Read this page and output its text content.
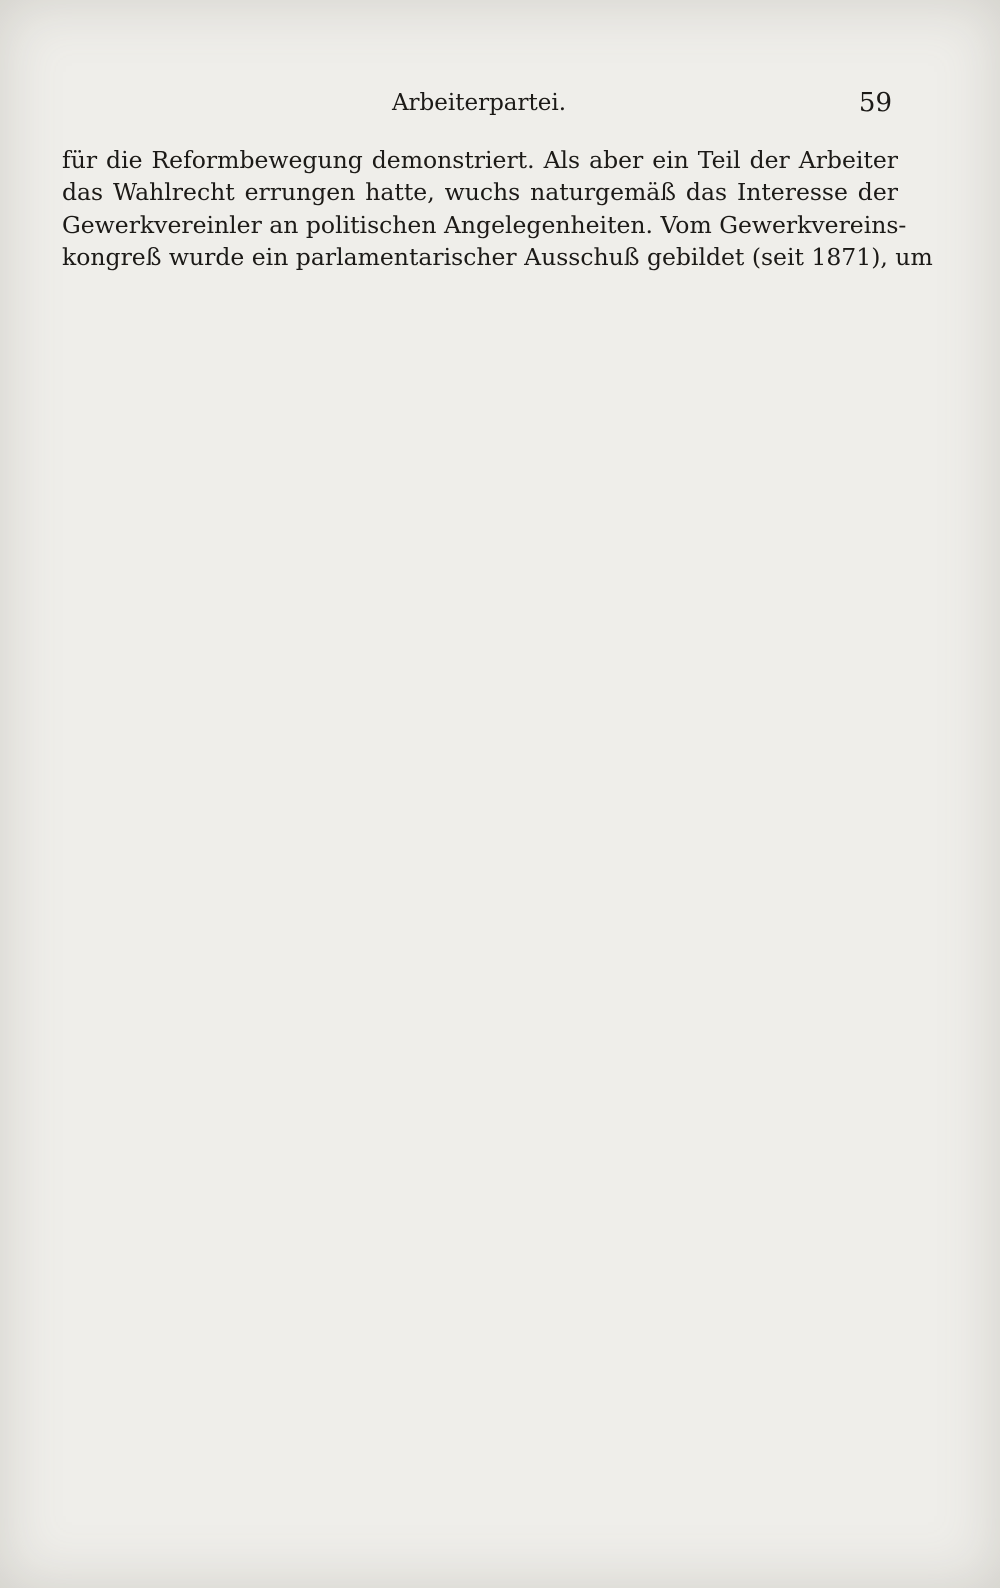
Arbeiterpartei.	59
für die Reformbewegung demonstriert. Als aber ein Teil der Arbeiter
das Wahlrecht errungen hatte, wuchs naturgemäß das Interesse der
Gewerkvereinler an politischen Angelegenheiten. Vom Gewerkvereins-
kongreß wurde ein parlamentarischer Ausschuß gebildet (seit 1871), um
